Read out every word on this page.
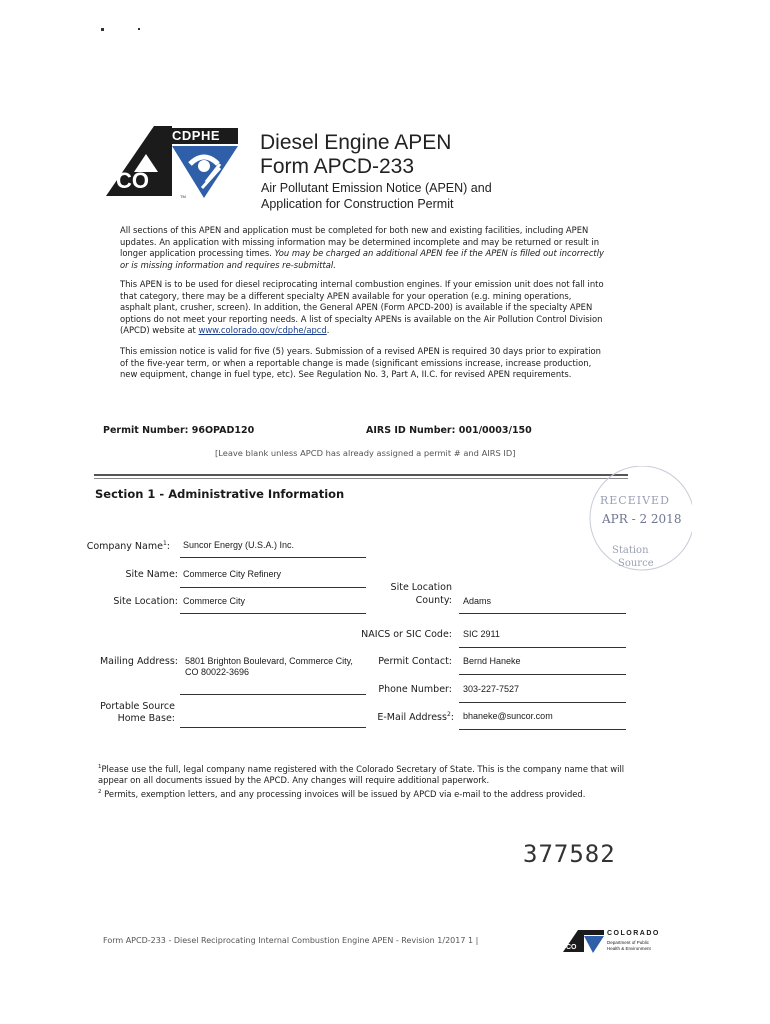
CDPHE
CO
TM
Diesel Engine APEN
Form APCD-233
Air Pollutant Emission Notice (APEN) and
Application for Construction Permit
All sections of this APEN and application must be completed for both new and existing facilities, including APEN
updates. An application with missing information may be determined incomplete and may be returned or result in
longer application processing times. You may be charged an additional APEN fee if the APEN is filled out incorrectly
or is missing information and requires re-submittal.
This APEN is to be used for diesel reciprocating internal combustion engines. If your emission unit does not fall into
that category, there may be a different specialty APEN available for your operation (e.g. mining operations,
asphalt plant, crusher, screen). In addition, the General APEN (Form APCD-200) is available if the specialty APEN
options do not meet your reporting needs. A list of specialty APENs is available on the Air Pollution Control Division
(APCD) website at www.colorado.gov/cdphe/apcd.
This emission notice is valid for five (5) years. Submission of a revised APEN is required 30 days prior to expiration
of the five-year term, or when a reportable change is made (significant emissions increase, increase production,
new equipment, change in fuel type, etc). See Regulation No. 3, Part A, II.C. for revised APEN requirements.
Permit Number: 96OPAD120	AIRS ID Number: 001/0003/150
[Leave blank unless APCD has already assigned a permit # and AIRS ID]
Section 1 - Administrative Information	RECEIVED
APR - 2 2018
Station
Source
Company Name$^1$: Suncor Energy (U.S.A.) Inc.
Site Name: Commerce City Refinery
Site Location: Commerce City
Mailing Address: 5801 Brighton Boulevard, Commerce City,
CO 80022-3696
Portable Source
Home Base:
Site Location
County: Adams
NAICS or SIC Code: SIC 2911
Permit Contact: Bernd Haneke
Phone Number: 303-227-7527
E-Mail Address$^2$: bhaneke@suncor.com
$^1$Please use the full, legal company name registered with the Colorado Secretary of State. This is the company name that will
appear on all documents issued by the APCD. Any changes will require additional paperwork.
$^2$ Permits, exemption letters, and any processing invoices will be issued by APCD via e-mail to the address provided.
377582
Form APCD-233 - Diesel Reciprocating Internal Combustion Engine APEN - Revision 1/2017 1 |
CO
COLORADO
Department of Public
Health & Environment
